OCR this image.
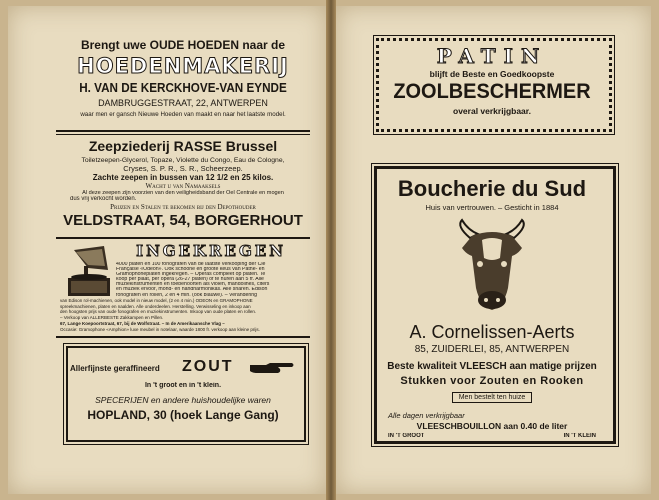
Brengt uwe OUDE HOEDEN naar de
HOEDENMAKERIJ
H. VAN DE KERCKHOVE-VAN EYNDE
DAMBRUGGESTRAAT, 22, ANTWERPEN
waar men er gansch Nieuwe Hoeden van maakt en naar het laatste model.
Zeepziederij RASSE Brussel
Toiletzeepen-Glycerol, Topaze, Violette du Congo, Eau de Cologne,
Cryses, S. P. R., S. R., Scheerzeep.
Zachte zeepen in bussen van 12 1/2 en 25 kilos.
Wacht u van Namaaksels
Al deze zeepen zijn voorzien van den veiligheidsband der Oel Centrale en mogen
dus vrij verkocht worden.
Prijzen en Stalen te bekomen bij den Depothouder
VELDSTRAAT, 54, BORGERHOUT
INGEKREGEN
4000 platen en 100 fonografen van de laatste verkooping der Cie
Française «Odeon». Ook schoone en groote keus van Pathé- en
Gramophoneplaten ingekregen. – Opéras compleet op platen. Te
koop per plaat, per opéra (26-27 platen) of te huren aan 5 fr. Alle
muziekinstrumenten en toebehoorten als violen, mandolines, citers
en muziek ervóór, mond- en handharmonikas. Alle snaren. Edison
fonografen en rollen, 2 en 4 min. (ook blauwe). – Verandering
van Edison rol-machienen, ook model in nieuw model, (2 en 4 min.) ODEON en GRAMOPHONE
spreekmachienen, platen en naalden. Alle onderdeelen. Herstelling. Verwisseling en inkoop aan
den hoogsten prijs van oude fonografen en muziekinstrumenten. Inkoop van oude platen en rollen.
– Verkoop van ALLERBESTE Zakkampen en Pillen.
67, Lange Koepoortstraat, 67, bij de Wolfstraat. – In de Amerikaansche Vlag –
Occasie: Gramophone «Amphion» luxe meubel in notelaar, waarde 1800 fr. verkoop aan kleine prijs.
Allerfijnste geraffineerd ZOUT
In 't groot en in 't klein.
SPECERIJEN en andere huishoudelijke waren
HOPLAND, 30 (hoek Lange Gang)
PATIN
blijft de Beste en Goedkoopste
ZOOLBESCHERMER
overal verkrijgbaar.
Boucherie du Sud
Huis van vertrouwen. – Gesticht in 1884
A. Cornelissen-Aerts
85, ZUIDERLEI, 85, ANTWERPEN
Beste kwaliteit VLEESCH aan matige prijzen
Stukken voor Zouten en Rooken
Men bestelt ten huize
Alle dagen verkrijgbaar
VLEESCHBOUILLON aan 0.40 de liter
IN 'T GROOT	IN 'T KLEIN
